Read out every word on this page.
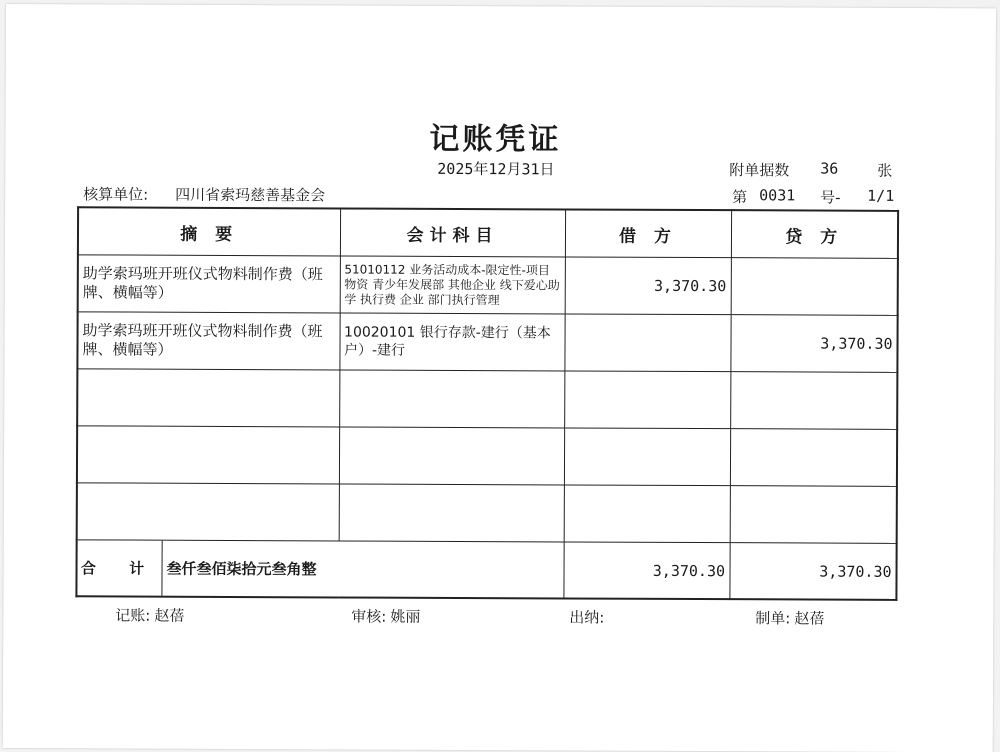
记账凭证
2025年12月31日	附单据数 36	张
核算单位: 四川省索玛慈善基金会	第 0031 号- 1/1
摘 要	会计科目	借 方	贷 方
助学索玛班开班仪式物料制作费（班牌、横幅等）	51010112 业务活动成本-限定性-项目物资 青少年发展部 其他企业 线下爱心助学 执行费 企业 部门执行管理	3,370.30	
助学索玛班开班仪式物料制作费（班牌、横幅等）	10020101 银行存款-建行（基本户）-建行		3,370.30

合 计 叁仟叁佰柒拾元叁角整		3,370.30	3,370.30
记账: 赵蓓	审核: 姚丽	出纳:	制单: 赵蓓
